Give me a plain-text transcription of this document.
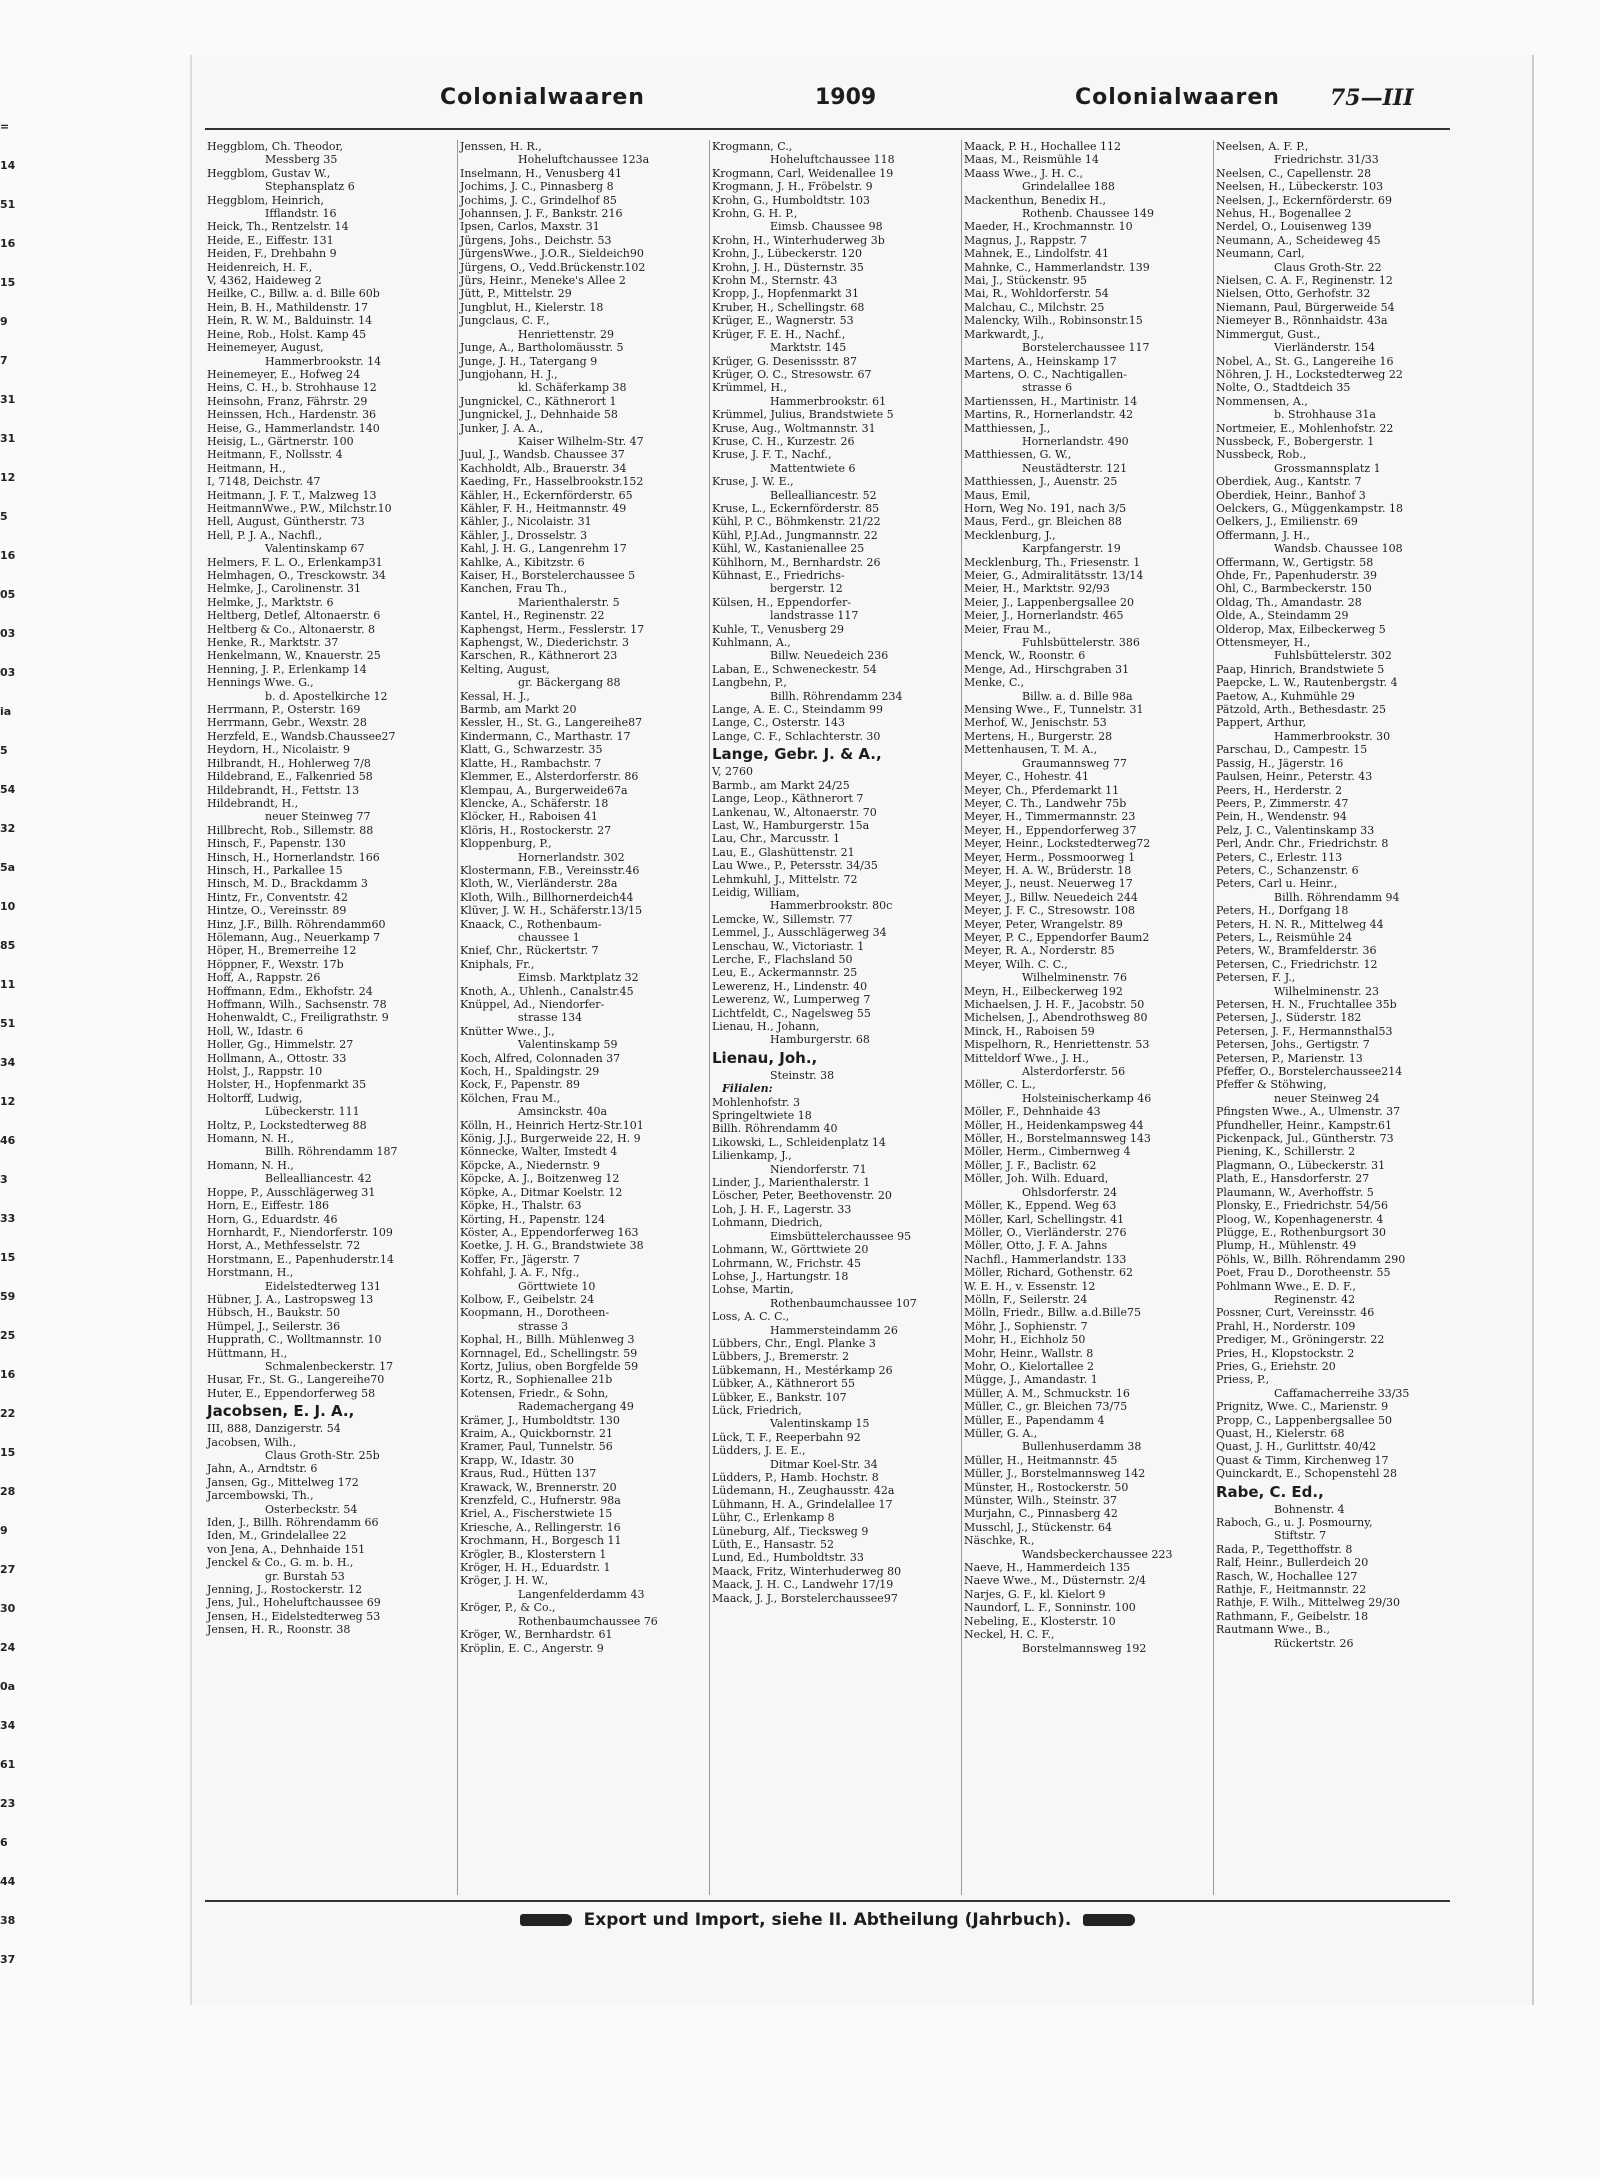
=
14
51
16
15
9
7
31
31
12
5
16
05
03
03
ia
5
54
32
5a
10
85
11
51
34
12
46
3
33
15
59
25
16
22
15
28
9
27
30
24
0a
34
61
23
6
44
38
37
Colonialwaaren	1909	Colonialwaaren 75—III
Heggblom, Ch. Theodor,
Messberg 35
Heggblom, Gustav W.,
Stephansplatz 6
Heggblom, Heinrich,
Ifflandstr. 16
Heick, Th., Rentzelstr. 14
Heide, E., Eiffestr. 131
Heiden, F., Drehbahn 9
Heidenreich, H. F.,
V, 4362, Haideweg 2
Heilke, C., Billw. a. d. Bille 60b
Hein, B. H., Mathildenstr. 17
Hein, R. W. M., Balduinstr. 14
Heine, Rob., Holst. Kamp 45
Heinemeyer, August,
Hammerbrookstr. 14
Heinemeyer, E., Hofweg 24
Heins, C. H., b. Strohhause 12
Heinsohn, Franz, Fährstr. 29
Heinssen, Hch., Hardenstr. 36
Heise, G., Hammerlandstr. 140
Heisig, L., Gärtnerstr. 100
Heitmann, F., Nollsstr. 4
Heitmann, H.,
I, 7148, Deichstr. 47
Heitmann, J. F. T., Malzweg 13
HeitmannWwe., P.W., Milchstr.10
Hell, August, Güntherstr. 73
Hell, P. J. A., Nachfl.,
Valentinskamp 67
Helmers, F. L. O., Erlenkamp31
Helmhagen, O., Tresckowstr. 34
Helmke, J., Carolinenstr. 31
Helmke, J., Marktstr. 6
Heltberg, Detlef, Altonaerstr. 6
Heltberg & Co., Altonaerstr. 8
Henke, R., Marktstr. 37
Henkelmann, W., Knauerstr. 25
Henning, J. P., Erlenkamp 14
Hennings Wwe. G.,
b. d. Apostelkirche 12
Herrmann, P., Osterstr. 169
Herrmann, Gebr., Wexstr. 28
Herzfeld, E., Wandsb.Chaussee27
Heydorn, H., Nicolaistr. 9
Hilbrandt, H., Hohlerweg 7/8
Hildebrand, E., Falkenried 58
Hildebrandt, H., Fettstr. 13
Hildebrandt, H.,
neuer Steinweg 77
Hillbrecht, Rob., Sillemstr. 88
Hinsch, F., Papenstr. 130
Hinsch, H., Hornerlandstr. 166
Hinsch, H., Parkallee 15
Hinsch, M. D., Brackdamm 3
Hintz, Fr., Conventstr. 42
Hintze, O., Vereinsstr. 89
Hinz, J.F., Billh. Röhrendamm60
Hölemann, Aug., Neuerkamp 7
Höper, H., Bremerreihe 12
Höppner, F., Wexstr. 17b
Hoff, A., Rappstr. 26
Hoffmann, Edm., Ekhofstr. 24
Hoffmann, Wilh., Sachsenstr. 78
Hohenwaldt, C., Freiligrathstr. 9
Holl, W., Idastr. 6
Holler, Gg., Himmelstr. 27
Hollmann, A., Ottostr. 33
Holst, J., Rappstr. 10
Holster, H., Hopfenmarkt 35
Holtorff, Ludwig,
Lübeckerstr. 111
Holtz, P., Lockstedterweg 88
Homann, N. H.,
Billh. Röhrendamm 187
Homann, N. H.,
Bellealliancestr. 42
Hoppe, P., Ausschlägerweg 31
Horn, E., Eiffestr. 186
Horn, G., Eduardstr. 46
Hornhardt, F., Niendorferstr. 109
Horst, A., Methfesselstr. 72
Horstmann, E., Papenhuderstr.14
Horstmann, H.,
Eidelstedterweg 131
Hübner, J. A., Lastropsweg 13
Hübsch, H., Baukstr. 50
Hümpel, J., Seilerstr. 36
Hupprath, C., Wolltmannstr. 10
Hüttmann, H.,
Schmalenbeckerstr. 17
Husar, Fr., St. G., Langereihe70
Huter, E., Eppendorferweg 58
Jacobsen, E. J. A.,
III, 888, Danzigerstr. 54
Jacobsen, Wilh.,
Claus Groth-Str. 25b
Jahn, A., Arndtstr. 6
Jansen, Gg., Mittelweg 172
Jarcembowski, Th.,
Osterbeckstr. 54
Iden, J., Billh. Röhrendamm 66
Iden, M., Grindelallee 22
von Jena, A., Dehnhaide 151
Jenckel & Co., G. m. b. H.,
gr. Burstah 53
Jenning, J., Rostockerstr. 12
Jens, Jul., Hoheluftchaussee 69
Jensen, H., Eidelstedterweg 53
Jensen, H. R., Roonstr. 38
Jenssen, H. R.,
Hoheluftchaussee 123a
Inselmann, H., Venusberg 41
Jochims, J. C., Pinnasberg 8
Jochims, J. C., Grindelhof 85
Johannsen, J. F., Bankstr. 216
Ipsen, Carlos, Maxstr. 31
Jürgens, Johs., Deichstr. 53
JürgensWwe., J.O.R., Sieldeich90
Jürgens, O., Vedd.Brückenstr.102
Jürs, Heinr., Meneke's Allee 2
Jütt, P., Mittelstr. 29
Jungblut, H., Kielerstr. 18
Jungclaus, C. F.,
Henriettenstr. 29
Junge, A., Bartholomäusstr. 5
Junge, J. H., Tatergang 9
Jungjohann, H. J.,
kl. Schäferkamp 38
Jungnickel, C., Käthnerort 1
Jungnickel, J., Dehnhaide 58
Junker, J. A. A.,
Kaiser Wilhelm-Str. 47
Juul, J., Wandsb. Chaussee 37
Kachholdt, Alb., Brauerstr. 34
Kaeding, Fr., Hasselbrookstr.152
Kähler, H., Eckernförderstr. 65
Kähler, F. H., Heitmannstr. 49
Kähler, J., Nicolaistr. 31
Kähler, J., Drosselstr. 3
Kahl, J. H. G., Langenrehm 17
Kahlke, A., Kibitzstr. 6
Kaiser, H., Borstelerchaussee 5
Kanchen, Frau Th.,
Marienthalerstr. 5
Kantel, H., Reginenstr. 22
Kaphengst, Herm., Fesslerstr. 17
Kaphengst, W., Diederichstr. 3
Karschen, R., Käthnerort 23
Kelting, August,
gr. Bäckergang 88
Kessal, H. J.,
Barmb, am Markt 20
Kessler, H., St. G., Langereihe87
Kindermann, C., Marthastr. 17
Klatt, G., Schwarzestr. 35
Klatte, H., Rambachstr. 7
Klemmer, E., Alsterdorferstr. 86
Klempau, A., Burgerweide67a
Klencke, A., Schäferstr. 18
Klöcker, H., Raboisen 41
Klöris, H., Rostockerstr. 27
Kloppenburg, P.,
Hornerlandstr. 302
Klostermann, F.B., Vereinsstr.46
Kloth, W., Vierländerstr. 28a
Kloth, Wilh., Billhornerdeich44
Klüver, J. W. H., Schäferstr.13/15
Knaack, C., Rothenbaum-
chaussee 1
Knief, Chr., Rückertstr. 7
Kniphals, Fr.,
Eimsb. Marktplatz 32
Knoth, A., Uhlenh., Canalstr.45
Knüppel, Ad., Niendorfer-
strasse 134
Knütter Wwe., J.,
Valentinskamp 59
Koch, Alfred, Colonnaden 37
Koch, H., Spaldingstr. 29
Kock, F., Papenstr. 89
Kölchen, Frau M.,
Amsinckstr. 40a
Kölln, H., Heinrich Hertz-Str.101
König, J.J., Burgerweide 22, H. 9
Könnecke, Walter, Imstedt 4
Köpcke, A., Niedernstr. 9
Köpcke, A. J., Boitzenweg 12
Köpke, A., Ditmar Koelstr. 12
Köpke, H., Thalstr. 63
Körting, H., Papenstr. 124
Köster, A., Eppendorferweg 163
Koetke, J. H. G., Brandstwiete 38
Koffer, Fr., Jägerstr. 7
Kohfahl, J. A. F., Nfg.,
Görttwiete 10
Kolbow, F., Geibelstr. 24
Koopmann, H., Dorotheen-
strasse 3
Kophal, H., Billh. Mühlenweg 3
Kornnagel, Ed., Schellingstr. 59
Kortz, Julius, oben Borgfelde 59
Kortz, R., Sophienallee 21b
Kotensen, Friedr., & Sohn,
Rademachergang 49
Krämer, J., Humboldtstr. 130
Kraim, A., Quickbornstr. 21
Kramer, Paul, Tunnelstr. 56
Krapp, W., Idastr. 30
Kraus, Rud., Hütten 137
Krawack, W., Brennerstr. 20
Krenzfeld, C., Hufnerstr. 98a
Kriel, A., Fischerstwiete 15
Kriesche, A., Rellingerstr. 16
Krochmann, H., Borgesch 11
Krögler, B., Klosterstern 1
Kröger, H. H., Eduardstr. 1
Kröger, J. H. W.,
Langenfelderdamm 43
Kröger, P., & Co.,
Rothenbaumchaussee 76
Kröger, W., Bernhardstr. 61
Kröplin, E. C., Angerstr. 9
Krogmann, C.,
Hoheluftchaussee 118
Krogmann, Carl, Weidenallee 19
Krogmann, J. H., Fröbelstr. 9
Krohn, G., Humboldtstr. 103
Krohn, G. H. P.,
Eimsb. Chaussee 98
Krohn, H., Winterhuderweg 3b
Krohn, J., Lübeckerstr. 120
Krohn, J. H., Düsternstr. 35
Krohn M., Sternstr. 43
Kropp, J., Hopfenmarkt 31
Kruber, H., Schellingstr. 68
Krüger, E., Wagnerstr. 53
Krüger, F. E. H., Nachf.,
Marktstr. 145
Krüger, G. Desenissstr. 87
Krüger, O. C., Stresowstr. 67
Krümmel, H.,
Hammerbrookstr. 61
Krümmel, Julius, Brandstwiete 5
Kruse, Aug., Woltmannstr. 31
Kruse, C. H., Kurzestr. 26
Kruse, J. F. T., Nachf.,
Mattentwiete 6
Kruse, J. W. E.,
Bellealliancestr. 52
Kruse, L., Eckernförderstr. 85
Kühl, P. C., Böhmkenstr. 21/22
Kühl, P.J.Ad., Jungmannstr. 22
Kühl, W., Kastanienallee 25
Kühlhorn, M., Bernhardstr. 26
Kühnast, E., Friedrichs-
bergerstr. 12
Külsen, H., Eppendorfer-
landstrasse 117
Kuhle, T., Venusberg 29
Kuhlmann, A.,
Billw. Neuedeich 236
Laban, E., Schweneckestr. 54
Langbehn, P.,
Billh. Röhrendamm 234
Lange, A. E. C., Steindamm 99
Lange, C., Osterstr. 143
Lange, C. F., Schlachterstr. 30
Lange, Gebr. J. & A.,
V, 2760
Barmb., am Markt 24/25
Lange, Leop., Käthnerort 7
Lankenau, W., Altonaerstr. 70
Last, W., Hamburgerstr. 15a
Lau, Chr., Marcusstr. 1
Lau, E., Glashüttenstr. 21
Lau Wwe., P., Petersstr. 34/35
Lehmkuhl, J., Mittelstr. 72
Leidig, William,
Hammerbrookstr. 80c
Lemcke, W., Sillemstr. 77
Lemmel, J., Ausschlägerweg 34
Lenschau, W., Victoriastr. 1
Lerche, F., Flachsland 50
Leu, E., Ackermannstr. 25
Lewerenz, H., Lindenstr. 40
Lewerenz, W., Lumperweg 7
Lichtfeldt, C., Nagelsweg 55
Lienau, H., Johann,
Hamburgerstr. 68
Lienau, Joh.,
Steinstr. 38
Filialen:
Mohlenhofstr. 3
Springeltwiete 18
Billh. Röhrendamm 40
Likowski, L., Schleidenplatz 14
Lilienkamp, J.,
Niendorferstr. 71
Linder, J., Marienthalerstr. 1
Löscher, Peter, Beethovenstr. 20
Loh, J. H. F., Lagerstr. 33
Lohmann, Diedrich,
Eimsbüttelerchaussee 95
Lohmann, W., Görttwiete 20
Lohrmann, W., Frichstr. 45
Lohse, J., Hartungstr. 18
Lohse, Martin,
Rothenbaumchaussee 107
Loss, A. C. C.,
Hammersteindamm 26
Lübbers, Chr., Engl. Planke 3
Lübbers, J., Bremerstr. 2
Lübkemann, H., Mestérkamp 26
Lübker, A., Käthnerort 55
Lübker, E., Bankstr. 107
Lück, Friedrich,
Valentinskamp 15
Lück, T. F., Reeperbahn 92
Lüdders, J. E. E.,
Ditmar Koel-Str. 34
Lüdders, P., Hamb. Hochstr. 8
Lüdemann, H., Zeughausstr. 42a
Lühmann, H. A., Grindelallee 17
Lühr, C., Erlenkamp 8
Lüneburg, Alf., Tiecksweg 9
Lüth, E., Hansastr. 52
Lund, Ed., Humboldtstr. 33
Maack, Fritz, Winterhuderweg 80
Maack, J. H. C., Landwehr 17/19
Maack, J. J., Borstelerchaussee97
Maack, P. H., Hochallee 112
Maas, M., Reismühle 14
Maass Wwe., J. H. C.,
Grindelallee 188
Mackenthun, Benedix H.,
Rothenb. Chaussee 149
Maeder, H., Krochmannstr. 10
Magnus, J., Rappstr. 7
Mahnek, E., Lindolfstr. 41
Mahnke, C., Hammerlandstr. 139
Mai, J., Stückenstr. 95
Mai, R., Wohldorferstr. 54
Malchau, C., Milchstr. 25
Malencky, Wilh., Robinsonstr.15
Markwardt, J.,
Borstelerchaussee 117
Martens, A., Heinskamp 17
Martens, O. C., Nachtigallen-
strasse 6
Martienssen, H., Martinistr. 14
Martins, R., Hornerlandstr. 42
Matthiessen, J.,
Hornerlandstr. 490
Matthiessen, G. W.,
Neustädterstr. 121
Matthiessen, J., Auenstr. 25
Maus, Emil,
Horn, Weg No. 191, nach 3/5
Maus, Ferd., gr. Bleichen 88
Mecklenburg, J.,
Karpfangerstr. 19
Mecklenburg, Th., Friesenstr. 1
Meier, G., Admiralitätsstr. 13/14
Meier, H., Marktstr. 92/93
Meier, J., Lappenbergsallee 20
Meier, J., Hornerlandstr. 465
Meier, Frau M.,
Fuhlsbüttelerstr. 386
Menck, W., Roonstr. 6
Menge, Ad., Hirschgraben 31
Menke, C.,
Billw. a. d. Bille 98a
Mensing Wwe., F., Tunnelstr. 31
Merhof, W., Jenischstr. 53
Mertens, H., Burgerstr. 28
Mettenhausen, T. M. A.,
Graumannsweg 77
Meyer, C., Hohestr. 41
Meyer, Ch., Pferdemarkt 11
Meyer, C. Th., Landwehr 75b
Meyer, H., Timmermannstr. 23
Meyer, H., Eppendorferweg 37
Meyer, Heinr., Lockstedterweg72
Meyer, Herm., Possmoorweg 1
Meyer, H. A. W., Brüderstr. 18
Meyer, J., neust. Neuerweg 17
Meyer, J., Billw. Neuedeich 244
Meyer, J. F. C., Stresowstr. 108
Meyer, Peter, Wrangelstr. 89
Meyer, P. C., Eppendorfer Baum2
Meyer, R. A., Norderstr. 85
Meyer, Wilh. C. C.,
Wilhelminenstr. 76
Meyn, H., Eilbeckerweg 192
Michaelsen, J. H. F., Jacobstr. 50
Michelsen, J., Abendrothsweg 80
Minck, H., Raboisen 59
Mispelhorn, R., Henriettenstr. 53
Mitteldorf Wwe., J. H.,
Alsterdorferstr. 56
Möller, C. L.,
Holsteinischerkamp 46
Möller, F., Dehnhaide 43
Möller, H., Heidenkampsweg 44
Möller, H., Borstelmannsweg 143
Möller, Herm., Cimbernweg 4
Möller, J. F., Baclistr. 62
Möller, Joh. Wilh. Eduard,
Ohlsdorferstr. 24
Möller, K., Eppend. Weg 63
Möller, Karl, Schellingstr. 41
Möller, O., Vierländerstr. 276
Möller, Otto, J. F. A. Jahns
Nachfl., Hammerlandstr. 133
Möller, Richard, Gothenstr. 62
W. E. H., v. Essenstr. 12
Mölln, F., Seilerstr. 24
Mölln, Friedr., Billw. a.d.Bille75
Möhr, J., Sophienstr. 7
Mohr, H., Eichholz 50
Mohr, Heinr., Wallstr. 8
Mohr, O., Kielortallee 2
Mügge, J., Amandastr. 1
Müller, A. M., Schmuckstr. 16
Müller, C., gr. Bleichen 73/75
Müller, E., Papendamm 4
Müller, G. A.,
Bullenhuserdamm 38
Müller, H., Heitmannstr. 45
Müller, J., Borstelmannsweg 142
Münster, H., Rostockerstr. 50
Münster, Wilh., Steinstr. 37
Murjahn, C., Pinnasberg 42
Musschl, J., Stückenstr. 64
Näschke, R.,
Wandsbeckerchaussee 223
Naeve, H., Hammerdeich 135
Naeve Wwe., M., Düsternstr. 2/4
Narjes, G. F., kl. Kielort 9
Naundorf, L. F., Sonninstr. 100
Nebeling, E., Klosterstr. 10
Neckel, H. C. F.,
Borstelmannsweg 192
Neelsen, A. F. P.,
Friedrichstr. 31/33
Neelsen, C., Capellenstr. 28
Neelsen, H., Lübeckerstr. 103
Neelsen, J., Eckernförderstr. 69
Nehus, H., Bogenallee 2
Nerdel, O., Louisenweg 139
Neumann, A., Scheideweg 45
Neumann, Carl,
Claus Groth-Str. 22
Nielsen, C. A. F., Reginenstr. 12
Nielsen, Otto, Gerhofstr. 32
Niemann, Paul, Bürgerweide 54
Niemeyer B., Rönnhaidstr. 43a
Nimmergut, Gust.,
Vierländerstr. 154
Nobel, A., St. G., Langereihe 16
Nöhren, J. H., Lockstedterweg 22
Nolte, O., Stadtdeich 35
Nommensen, A.,
b. Strohhause 31a
Nortmeier, E., Mohlenhofstr. 22
Nussbeck, F., Bobergerstr. 1
Nussbeck, Rob.,
Grossmannsplatz 1
Oberdiek, Aug., Kantstr. 7
Oberdiek, Heinr., Banhof 3
Oelckers, G., Müggenkampstr. 18
Oelkers, J., Emilienstr. 69
Offermann, J. H.,
Wandsb. Chaussee 108
Offermann, W., Gertigstr. 58
Ohde, Fr., Papenhuderstr. 39
Ohl, C., Barmbeckerstr. 150
Oldag, Th., Amandastr. 28
Olde, A., Steindamm 29
Olderop, Max, Eilbeckerweg 5
Ottensmeyer, H.,
Fuhlsbüttelerstr. 302
Paap, Hinrich, Brandstwiete 5
Paepcke, L. W., Rautenbergstr. 4
Paetow, A., Kuhmühle 29
Pätzold, Arth., Bethesdastr. 25
Pappert, Arthur,
Hammerbrookstr. 30
Parschau, D., Campestr. 15
Passig, H., Jägerstr. 16
Paulsen, Heinr., Peterstr. 43
Peers, H., Herderstr. 2
Peers, P., Zimmerstr. 47
Pein, H., Wendenstr. 94
Pelz, J. C., Valentinskamp 33
Perl, Andr. Chr., Friedrichstr. 8
Peters, C., Erlestr. 113
Peters, C., Schanzenstr. 6
Peters, Carl u. Heinr.,
Billh. Röhrendamm 94
Peters, H., Dorfgang 18
Peters, H. N. R., Mittelweg 44
Peters, L., Reismühle 24
Peters, W., Bramfelderstr. 36
Petersen, C., Friedrichstr. 12
Petersen, F. J.,
Wilhelminenstr. 23
Petersen, H. N., Fruchtallee 35b
Petersen, J., Süderstr. 182
Petersen, J. F., Hermannsthal53
Petersen, Johs., Gertigstr. 7
Petersen, P., Marienstr. 13
Pfeffer, O., Borstelerchaussee214
Pfeffer & Stöhwing,
neuer Steinweg 24
Pfingsten Wwe., A., Ulmenstr. 37
Pfundheller, Heinr., Kampstr.61
Pickenpack, Jul., Güntherstr. 73
Piening, K., Schillerstr. 2
Plagmann, O., Lübeckerstr. 31
Plath, E., Hansdorferstr. 27
Plaumann, W., Averhoffstr. 5
Plonsky, E., Friedrichstr. 54/56
Ploog, W., Kopenhagenerstr. 4
Plügge, E., Rothenburgsort 30
Plump, H., Mühlenstr. 49
Pöhls, W., Billh. Röhrendamm 290
Poet, Frau D., Dorotheenstr. 55
Pohlmann Wwe., E. D. F.,
Reginenstr. 42
Possner, Curt, Vereinsstr. 46
Prahl, H., Norderstr. 109
Prediger, M., Gröningerstr. 22
Pries, H., Klopstockstr. 2
Pries, G., Eriehstr. 20
Priess, P.,
Caffamacherreihe 33/35
Prignitz, Wwe. C., Marienstr. 9
Propp, C., Lappenbergsallee 50
Quast, H., Kielerstr. 68
Quast, J. H., Gurlittstr. 40/42
Quast & Timm, Kirchenweg 17
Quinckardt, E., Schopenstehl 28
Rabe, C. Ed.,
Bohnenstr. 4
Raboch, G., u. J. Posmourny,
Stiftstr. 7
Rada, P., Tegetthoffstr. 8
Ralf, Heinr., Bullerdeich 20
Rasch, W., Hochallee 127
Rathje, F., Heitmannstr. 22
Rathje, F. Wilh., Mittelweg 29/30
Rathmann, F., Geibelstr. 18
Rautmann Wwe., B.,
Rückertstr. 26
Export und Import, siehe II. Abtheilung (Jahrbuch).
